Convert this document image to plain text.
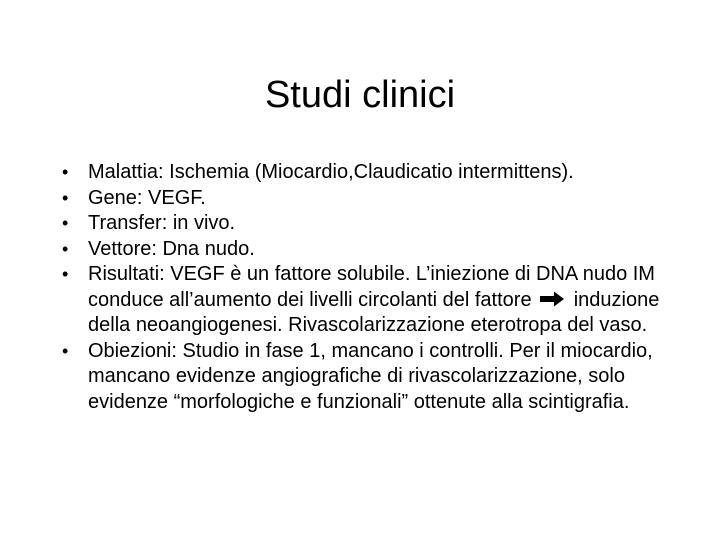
Studi clinici
• Malattia: Ischemia (Miocardio,Claudicatio intermittens).
• Gene: VEGF.
• Transfer: in vivo.
• Vettore: Dna nudo.
• Risultati: VEGF è un fattore solubile. L’iniezione di DNA nudo IM conduce all’aumento dei livelli circolanti del fattore induzione della neoangiogenesi. Rivascolarizzazione eterotropa del vaso.
• Obiezioni: Studio in fase 1, mancano i controlli. Per il miocardio, mancano evidenze angiografiche di rivascolarizzazione, solo evidenze “morfologiche e funzionali” ottenute alla scintigrafia.
